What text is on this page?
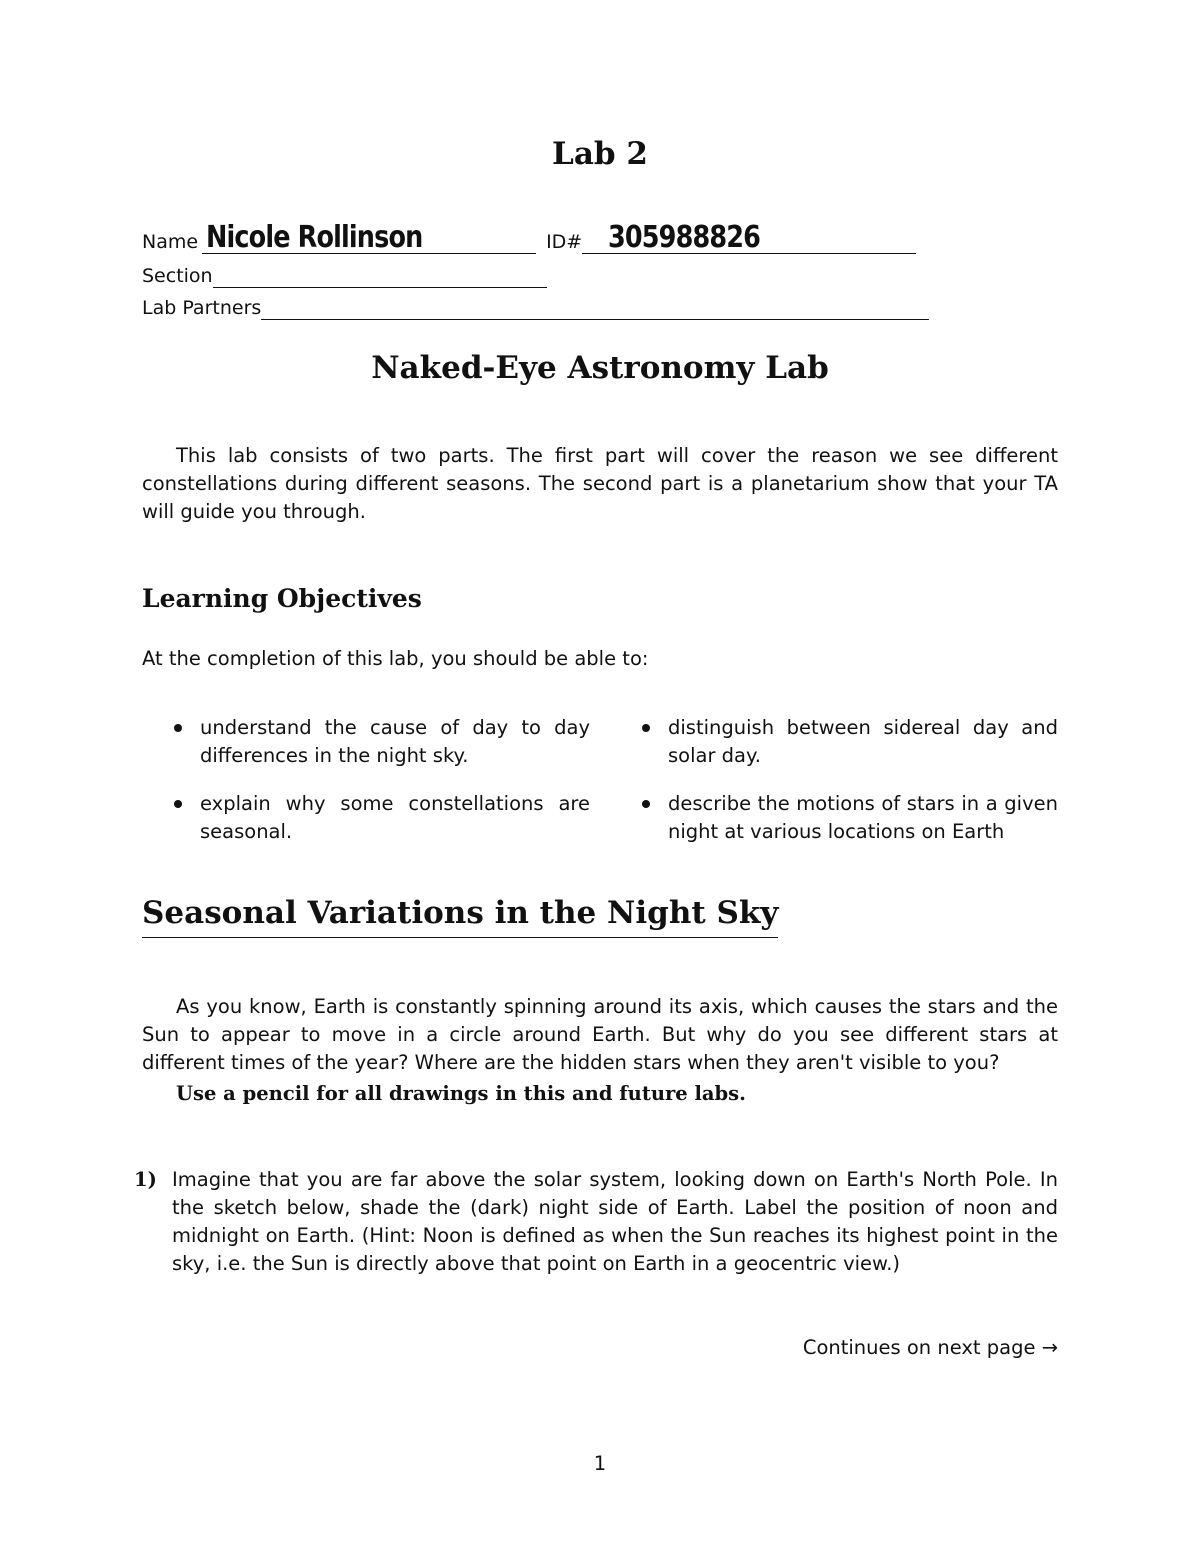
Lab 2
Name Nicole Rollinson	ID# 305988826
Section
Lab Partners
Naked-Eye Astronomy Lab
This lab consists of two parts. The first part will cover the reason we see different constellations during different seasons. The second part is a planetarium show that your TA will guide you through.
Learning Objectives
At the completion of this lab, you should be able to:
understand the cause of day to day differences in the night sky.
explain why some constellations are seasonal.
distinguish between sidereal day and solar day.
describe the motions of stars in a given night at various locations on Earth
Seasonal Variations in the Night Sky
As you know, Earth is constantly spinning around its axis, which causes the stars and the Sun to appear to move in a circle around Earth. But why do you see different stars at different times of the year? Where are the hidden stars when they aren't visible to you?
Use a pencil for all drawings in this and future labs.
1) Imagine that you are far above the solar system, looking down on Earth's North Pole. In the sketch below, shade the (dark) night side of Earth. Label the position of noon and midnight on Earth. (Hint: Noon is defined as when the Sun reaches its highest point in the sky, i.e. the Sun is directly above that point on Earth in a geocentric view.)
Continues on next page →
1
